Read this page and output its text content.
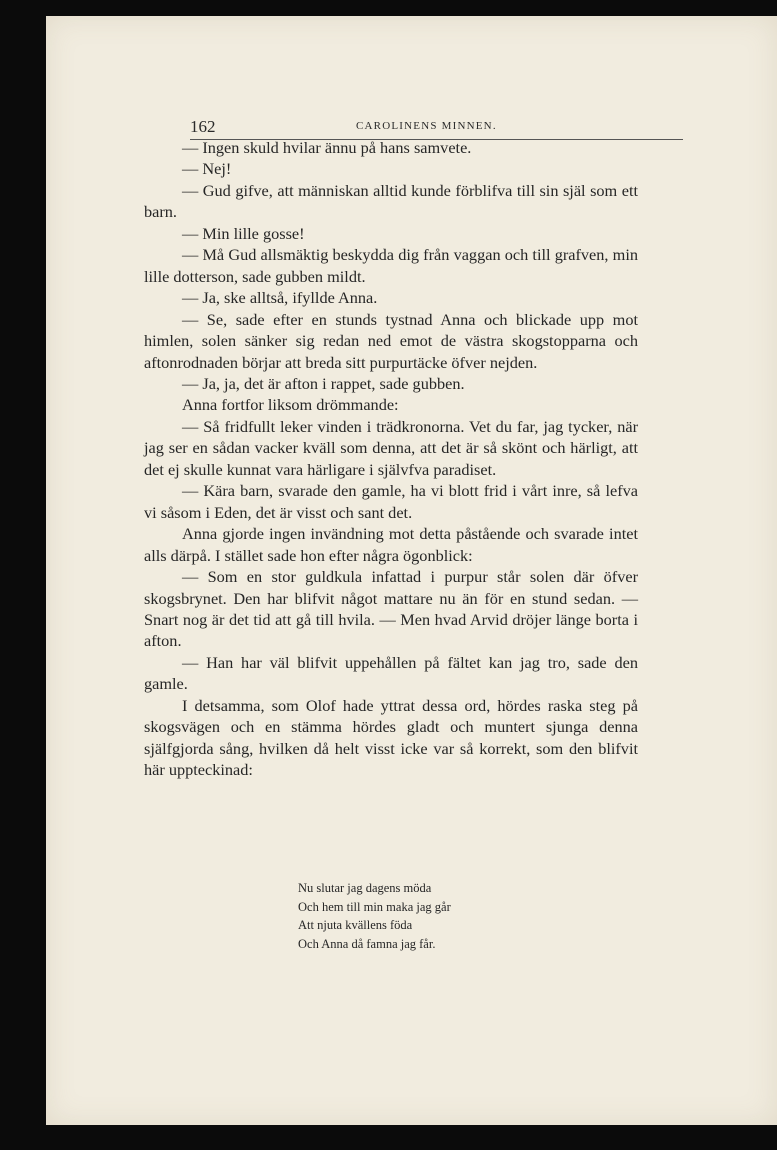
162	CAROLINENS MINNEN.

— Ingen skuld hvilar ännu på hans samvete.

— Nej!

— Gud gifve, att människan alltid kunde förblifva till sin själ som ett barn.

— Min lille gosse!

— Må Gud allsmäktig beskydda dig från vaggan och till grafven, min lille dotterson, sade gubben mildt.

— Ja, ske alltså, ifyllde Anna.

— Se, sade efter en stunds tystnad Anna och blickade upp mot himlen, solen sänker sig redan ned emot de västra skogstopparna och aftonrodnaden börjar att breda sitt purpurtäcke öfver nejden.

— Ja, ja, det är afton i rappet, sade gubben.

Anna fortfor liksom drömmande:

— Så fridfullt leker vinden i trädkronorna. Vet du far, jag tycker, när jag ser en sådan vacker kväll som denna, att det är så skönt och härligt, att det ej skulle kunnat vara härligare i självfva paradiset.

— Kära barn, svarade den gamle, ha vi blott frid i vårt inre, så lefva vi såsom i Eden, det är visst och sant det.

Anna gjorde ingen invändning mot detta påstående och svarade intet alls därpå. I stället sade hon efter några ögonblick:

— Som en stor guldkula infattad i purpur står solen där öfver skogsbrynet. Den har blifvit något mattare nu än för en stund sedan. — Snart nog är det tid att gå till hvila. — Men hvad Arvid dröjer länge borta i afton.

— Han har väl blifvit uppehållen på fältet kan jag tro, sade den gamle.

I detsamma, som Olof hade yttrat dessa ord, hördes raska steg på skogsvägen och en stämma hördes gladt och muntert sjunga denna själfgjorda sång, hvilken då helt visst icke var så korrekt, som den blifvit här uppteckinad:

Nu slutar jag dagens möda
Och hem till min maka jag går
Att njuta kvällens föda
Och Anna då famna jag får.
